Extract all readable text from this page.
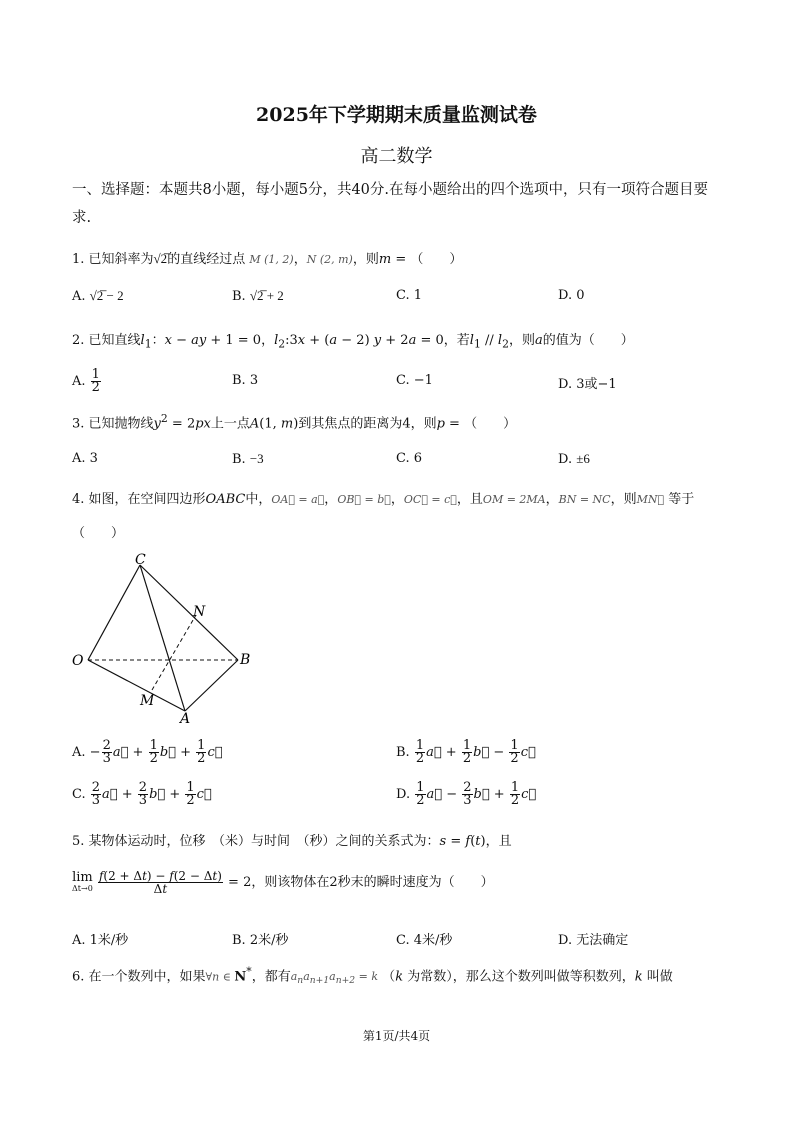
2025年下学期期末质量监测试卷
高二数学
一、选择题：本题共8小题，每小题5分，共40分.在每小题给出的四个选项中，只有一项符合题目要求.
1. 已知斜率为√2̅的直线经过点 M (1, 2)，N (2, m)，则m = （　　）
A. √2̅ − 2	B. √2̅ + 2	C. 1	D. 0
2. 已知直线$l_1$：x − ay + 1 = 0，$l_2:3x + (a - 2) y + 2a = 0$，若$l_1 // l_2$，则a的值为（　　）
A. $\frac{1}{2}$	B. 3	C. −1	D. 3或−1
3. 已知抛物线$y^2 = 2px$上一点A(1, m)到其焦点的距离为4，则p = （　　）
A. 3	B. −3	C. 6	D. ±6
4. 如图，在空间四边形OABC中，OA⃗ = a⃗，OB⃗ = b⃗，OC⃗ = c⃗，且OM = 2MA，BN = NC，则MN⃗ 等于
（　　）
C
N
O	B
M
A
A. − $\frac{2}{3}$ a⃗ + $\frac{1}{2}$ b⃗ + $\frac{1}{2}$ c⃗	B. $\frac{1}{2}$ a⃗ + $\frac{1}{2}$ b⃗ − $\frac{1}{2}$ c⃗
C. $\frac{2}{3}$ a⃗ + $\frac{2}{3}$ b⃗ + $\frac{1}{2}$ c⃗	D. $\frac{1}{2}$ a⃗ − $\frac{2}{3}$ b⃗ + $\frac{1}{2}$ c⃗
5. 某物体运动时，位移　（米）与时间　（秒）之间的关系式为：s = f(t)，且
lim
Δt→0
$\frac{f(2 + \Delta t) - f(2 - \Delta t)}{\Delta t} = 2$，则该物体在2秒末的瞬时速度为（　　）
A. 1米/秒	B. 2米/秒	C. 4米/秒	D. 无法确定
6. 在一个数列中，如果∀n ∈ N*，都有$a_na_{n+1}a_{n+2} = k$ （k 为常数），那么这个数列叫做等积数列，k 叫做
第1页/共4页
